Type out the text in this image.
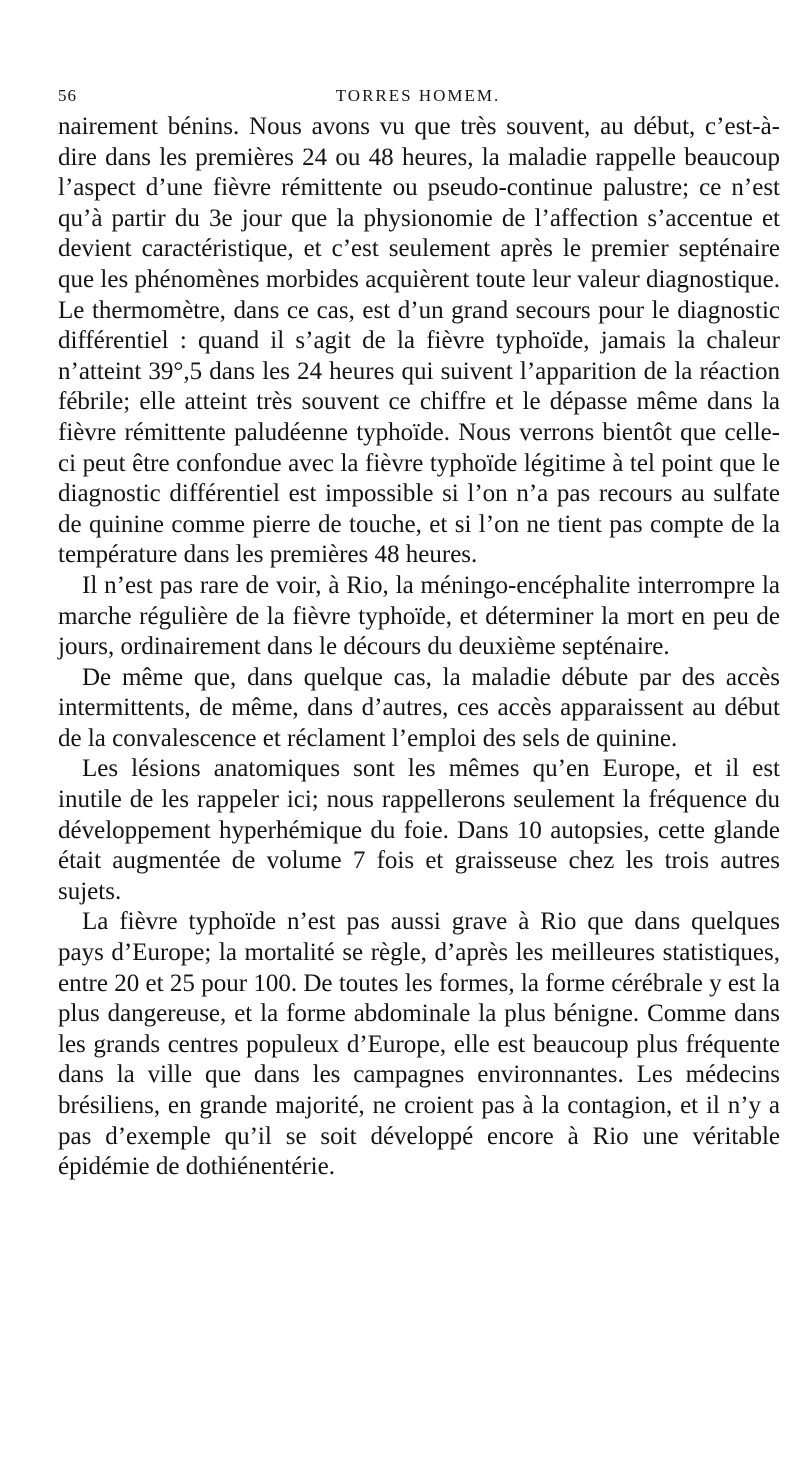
56	TORRES HOMEM.

nairement bénins. Nous avons vu que très souvent, au début, c’est-à-dire dans les premières 24 ou 48 heures, la maladie rappelle beaucoup l’aspect d’une fièvre rémittente ou pseudo-continue palustre; ce n’est qu’à partir du 3e jour que la physionomie de l’affection s’accentue et devient caractéristique, et c’est seulement après le premier septénaire que les phénomènes morbides acquièrent toute leur valeur diagnostique. Le thermomètre, dans ce cas, est d’un grand secours pour le diagnostic différentiel : quand il s’agit de la fièvre typhoïde, jamais la chaleur n’atteint 39°,5 dans les 24 heures qui suivent l’apparition de la réaction fébrile; elle atteint très souvent ce chiffre et le dépasse même dans la fièvre rémittente paludéenne typhoïde. Nous verrons bientôt que celle-ci peut être confondue avec la fièvre typhoïde légitime à tel point que le diagnostic différentiel est impossible si l’on n’a pas recours au sulfate de quinine comme pierre de touche, et si l’on ne tient pas compte de la température dans les premières 48 heures.

Il n’est pas rare de voir, à Rio, la méningo-encéphalite interrompre la marche régulière de la fièvre typhoïde, et déterminer la mort en peu de jours, ordinairement dans le décours du deuxième septénaire.

De même que, dans quelque cas, la maladie débute par des accès intermittents, de même, dans d’autres, ces accès apparaissent au début de la convalescence et réclament l’emploi des sels de quinine.

Les lésions anatomiques sont les mêmes qu’en Europe, et il est inutile de les rappeler ici; nous rappellerons seulement la fréquence du développement hyperhémique du foie. Dans 10 autopsies, cette glande était augmentée de volume 7 fois et graisseuse chez les trois autres sujets.

La fièvre typhoïde n’est pas aussi grave à Rio que dans quelques pays d’Europe; la mortalité se règle, d’après les meilleures statistiques, entre 20 et 25 pour 100. De toutes les formes, la forme cérébrale y est la plus dangereuse, et la forme abdominale la plus bénigne. Comme dans les grands centres populeux d’Europe, elle est beaucoup plus fréquente dans la ville que dans les campagnes environnantes. Les médecins brésiliens, en grande majorité, ne croient pas à la contagion, et il n’y a pas d’exemple qu’il se soit développé encore à Rio une véritable épidémie de dothiénentérie.
